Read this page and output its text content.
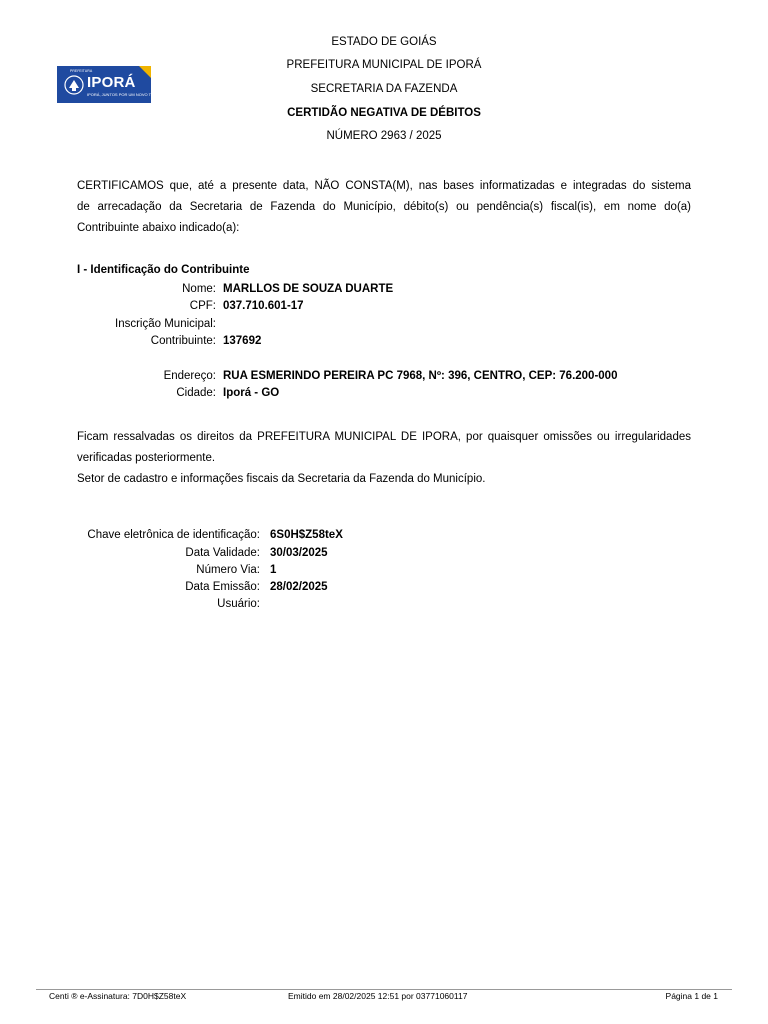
PREFEITURA
IPORÁ
IPORÁ, JUNTOS POR UM NOVO TEMPO
ESTADO DE GOIÁS
PREFEITURA MUNICIPAL DE IPORÁ
SECRETARIA DA FAZENDA
CERTIDÃO NEGATIVA DE DÉBITOS
NÚMERO 2963 / 2025
CERTIFICAMOS que, até a presente data, NÃO CONSTA(M), nas bases informatizadas e integradas do sistema
de arrecadação da Secretaria de Fazenda do Município, débito(s) ou pendência(s) fiscal(is), em nome do(a)
Contribuinte abaixo indicado(a):
I - Identificação do Contribuinte
Nome: MARLLOS DE SOUZA DUARTE
CPF: 037.710.601-17
Inscrição Municipal:
Contribuinte: 137692
Endereço: RUA ESMERINDO PEREIRA PC 7968, Nº: 396, CENTRO, CEP: 76.200-000
Cidade: Iporá - GO
Ficam ressalvadas os direitos da PREFEITURA MUNICIPAL DE IPORA, por quaisquer omissões ou irregularidades
verificadas posteriormente.
Setor de cadastro e informações fiscais da Secretaria da Fazenda do Município.
Chave eletrônica de identificação: 6S0H$Z58teX
Data Validade: 30/03/2025
Número Via: 1
Data Emissão: 28/02/2025
Usuário:
Centi ® e-Assinatura: 7D0H$Z58teX	Emitido em 28/02/2025 12:51 por 03771060117	Página 1 de 1
